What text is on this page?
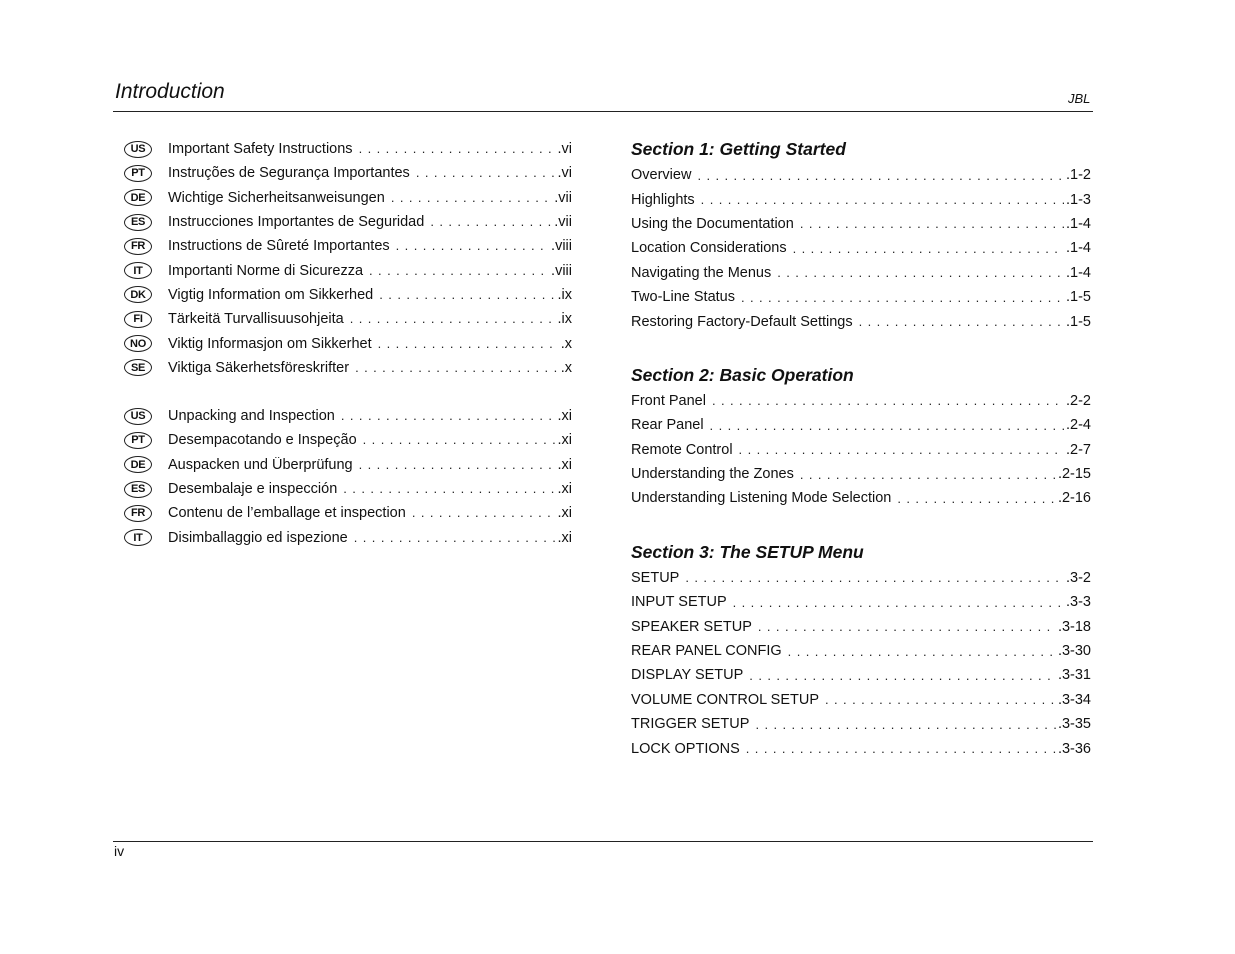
Introduction	JBL
US	Important Safety Instructions . . .	.vi
PT	Instruções de Segurança Importantes . . .	.vi
DE	Wichtige Sicherheitsanweisungen . . .	.vii
ES	Instrucciones Importantes de Seguridad . . .	.vii
FR	Instructions de Sûreté Importantes . . .	.viii
IT	Importanti Norme di Sicurezza . . .	.viii
DK	Vigtig Information om Sikkerhed . . .	.ix
FI	Tärkeitä Turvallisuusohjeita . . .	.ix
NO	Viktig Informasjon om Sikkerhet . . .	.x
SE	Viktiga Säkerhetsföreskrifter . . .	.x
US	Unpacking and Inspection . . .	.xi
PT	Desempacotando e Inspeção . . .	.xi
DE	Auspacken und Überprüfung . . .	.xi
ES	Desembalaje e inspección . . .	.xi
FR	Contenu de l’emballage et inspection . . .	.xi
IT	Disimballaggio ed ispezione . . .	.xi
Section 1: Getting Started
Overview . . .	.1-2
Highlights . . .	.1-3
Using the Documentation . . .	.1-4
Location Considerations . . .	.1-4
Navigating the Menus . . .	.1-4
Two-Line Status . . .	.1-5
Restoring Factory-Default Settings . . .	.1-5
Section 2: Basic Operation
Front Panel . . .	.2-2
Rear Panel . . .	.2-4
Remote Control . . .	.2-7
Understanding the Zones . . .	.2-15
Understanding Listening Mode Selection . . .	.2-16
Section 3: The SETUP Menu
SETUP . . .	.3-2
INPUT SETUP . . .	.3-3
SPEAKER SETUP . . .	.3-18
REAR PANEL CONFIG . . .	.3-30
DISPLAY SETUP . . .	.3-31
VOLUME CONTROL SETUP . . .	.3-34
TRIGGER SETUP . . .	.3-35
LOCK OPTIONS . . .	.3-36
iv
